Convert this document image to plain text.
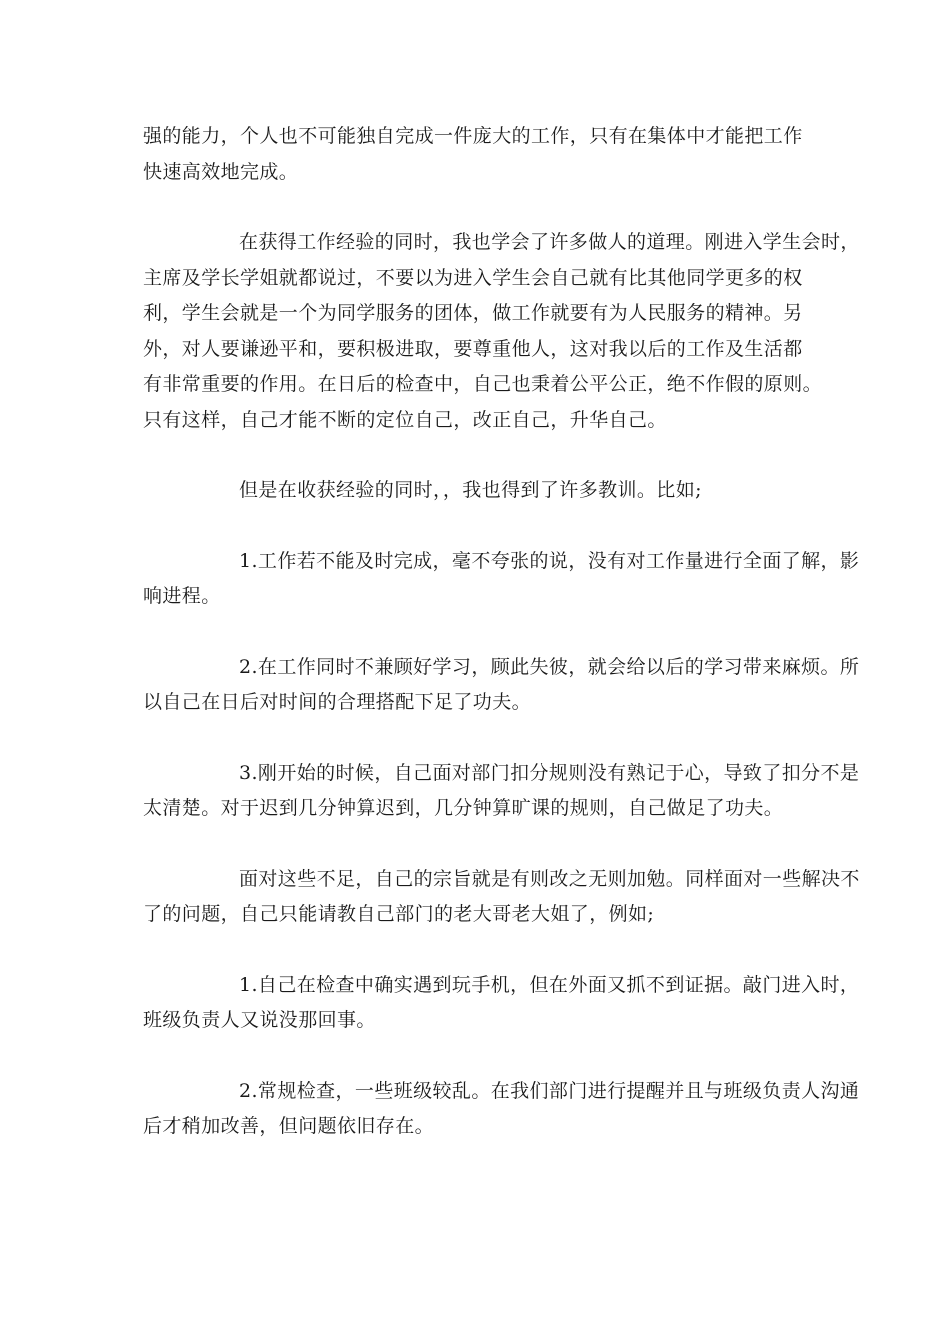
强的能力，个人也不可能独自完成一件庞大的工作，只有在集体中才能把工作
快速高效地完成。
在获得工作经验的同时，我也学会了许多做人的道理。刚进入学生会时，
主席及学长学姐就都说过，不要以为进入学生会自己就有比其他同学更多的权
利，学生会就是一个为同学服务的团体，做工作就要有为人民服务的精神。另
外，对人要谦逊平和，要积极进取，要尊重他人，这对我以后的工作及生活都
有非常重要的作用。在日后的检查中，自己也秉着公平公正，绝不作假的原则。
只有这样，自己才能不断的定位自己，改正自己，升华自己。
但是在收获经验的同时，，我也得到了许多教训。比如;
1.工作若不能及时完成，毫不夸张的说，没有对工作量进行全面了解，影
响进程。
2.在工作同时不兼顾好学习，顾此失彼，就会给以后的学习带来麻烦。所
以自己在日后对时间的合理搭配下足了功夫。
3.刚开始的时候，自己面对部门扣分规则没有熟记于心，导致了扣分不是
太清楚。对于迟到几分钟算迟到，几分钟算旷课的规则，自己做足了功夫。
面对这些不足，自己的宗旨就是有则改之无则加勉。同样面对一些解决不
了的问题，自己只能请教自己部门的老大哥老大姐了，例如;
1.自己在检查中确实遇到玩手机，但在外面又抓不到证据。敲门进入时，
班级负责人又说没那回事。
2.常规检查，一些班级较乱。在我们部门进行提醒并且与班级负责人沟通
后才稍加改善，但问题依旧存在。
